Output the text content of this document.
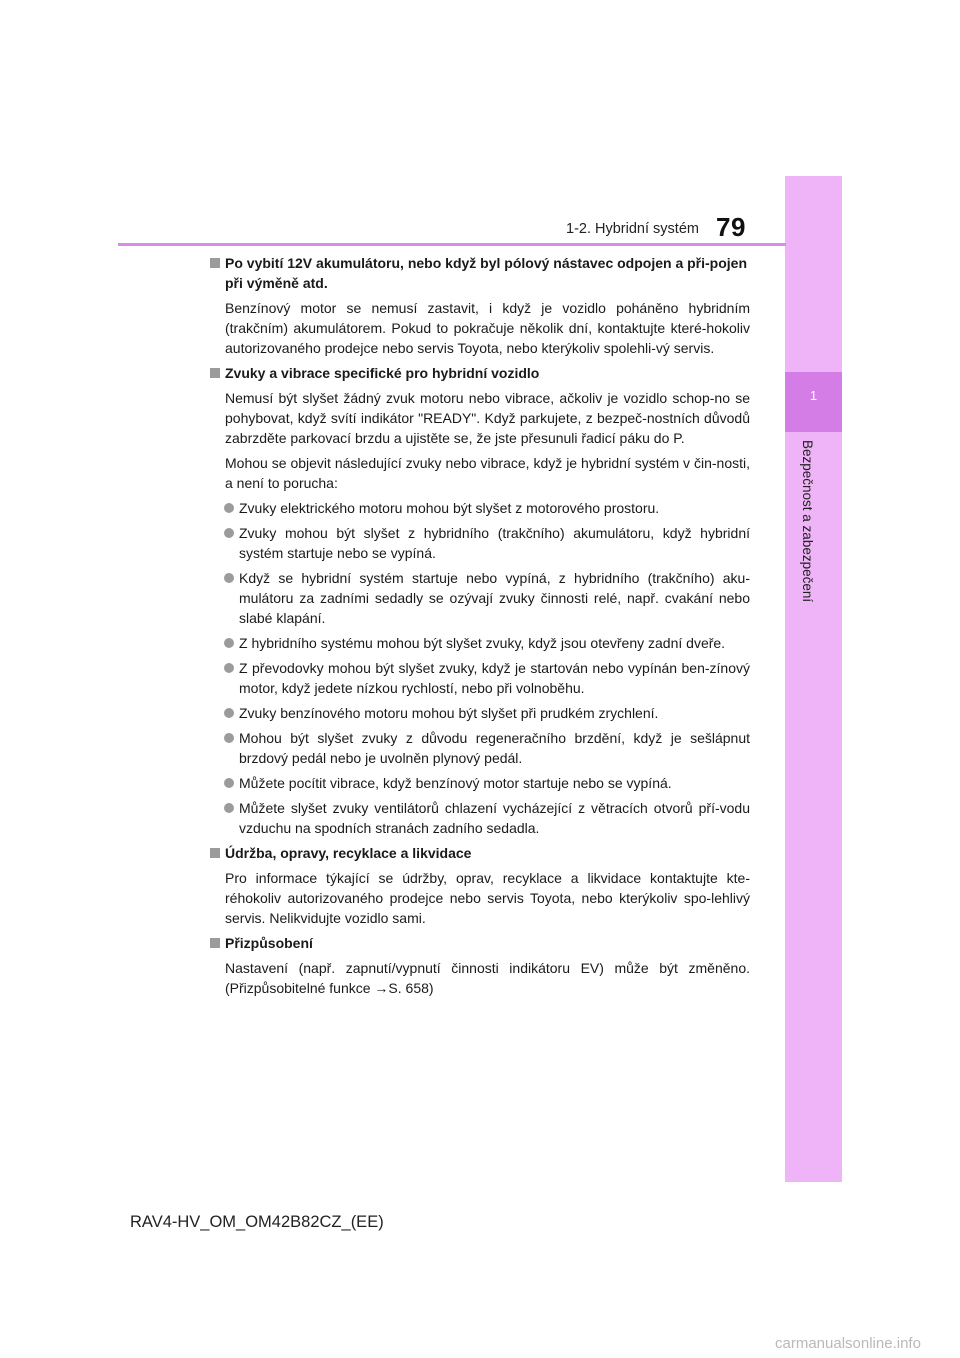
1
Bezpečnost a zabezpečení
1-2. Hybridní systém 79

Po vybití 12V akumulátoru, nebo když byl pólový nástavec odpojen a při-pojen při výměně atd.

Benzínový motor se nemusí zastavit, i když je vozidlo poháněno hybridním (trakčním) akumulátorem. Pokud to pokračuje několik dní, kontaktujte které-hokoliv autorizovaného prodejce nebo servis Toyota, nebo kterýkoliv spolehli-vý servis.

Zvuky a vibrace specifické pro hybridní vozidlo

Nemusí být slyšet žádný zvuk motoru nebo vibrace, ačkoliv je vozidlo schop-no se pohybovat, když svítí indikátor "READY". Když parkujete, z bezpeč-nostních důvodů zabrzděte parkovací brzdu a ujistěte se, že jste přesunuli řadicí páku do P.

Mohou se objevit následující zvuky nebo vibrace, když je hybridní systém v čin-nosti, a není to porucha:

Zvuky elektrického motoru mohou být slyšet z motorového prostoru.

Zvuky mohou být slyšet z hybridního (trakčního) akumulátoru, když hybridní systém startuje nebo se vypíná.

Když se hybridní systém startuje nebo vypíná, z hybridního (trakčního) aku-mulátoru za zadními sedadly se ozývají zvuky činnosti relé, např. cvakání nebo slabé klapání.

Z hybridního systému mohou být slyšet zvuky, když jsou otevřeny zadní dveře.

Z převodovky mohou být slyšet zvuky, když je startován nebo vypínán ben-zínový motor, když jedete nízkou rychlostí, nebo při volnoběhu.

Zvuky benzínového motoru mohou být slyšet při prudkém zrychlení.

Mohou být slyšet zvuky z důvodu regeneračního brzdění, když je sešlápnut brzdový pedál nebo je uvolněn plynový pedál.

Můžete pocítit vibrace, když benzínový motor startuje nebo se vypíná.

Můžete slyšet zvuky ventilátorů chlazení vycházející z větracích otvorů pří-vodu vzduchu na spodních stranách zadního sedadla.

Údržba, opravy, recyklace a likvidace

Pro informace týkající se údržby, oprav, recyklace a likvidace kontaktujte kte-réhokoliv autorizovaného prodejce nebo servis Toyota, nebo kterýkoliv spo-lehlivý servis. Nelikvidujte vozidlo sami.

Přizpůsobení

Nastavení (např. zapnutí/vypnutí činnosti indikátoru EV) může být změněno. (Přizpůsobitelné funkce →S. 658)

RAV4-HV_OM_OM42B82CZ_(EE)
carmanualsonline.info
